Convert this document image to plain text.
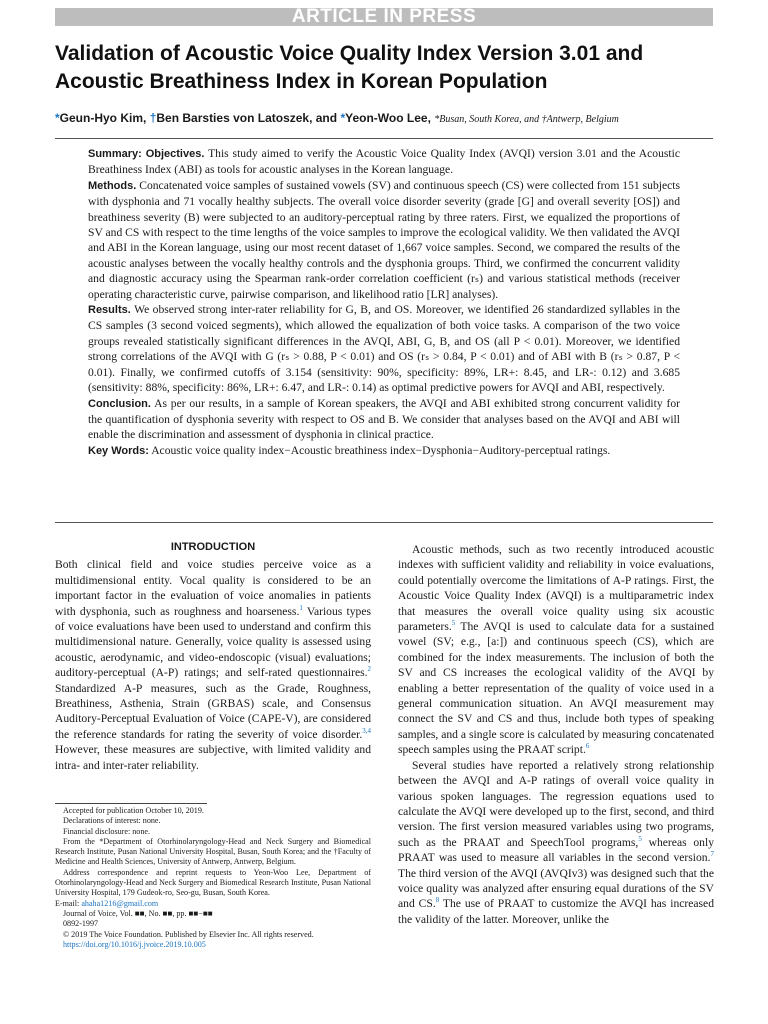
ARTICLE IN PRESS
Validation of Acoustic Voice Quality Index Version 3.01 and Acoustic Breathiness Index in Korean Population
*Geun-Hyo Kim, †Ben Barsties von Latoszek, and *Yeon-Woo Lee, *Busan, South Korea, and †Antwerp, Belgium

Summary: Objectives. This study aimed to verify the Acoustic Voice Quality Index (AVQI) version 3.01 and the Acoustic Breathiness Index (ABI) as tools for acoustic analyses in the Korean language.

Methods. Concatenated voice samples of sustained vowels (SV) and continuous speech (CS) were collected from 151 subjects with dysphonia and 71 vocally healthy subjects. The overall voice disorder severity (grade [G] and overall severity [OS]) and breathiness severity (B) were subjected to an auditory-perceptual rating by three raters. First, we equalized the proportions of SV and CS with respect to the time lengths of the voice samples to improve the ecological validity. We then validated the AVQI and ABI in the Korean language, using our most recent dataset of 1,667 voice samples. Second, we compared the results of the acoustic analyses between the vocally healthy controls and the dysphonia groups. Third, we confirmed the concurrent validity and diagnostic accuracy using the Spearman rank-order correlation coefficient (rₛ) and various statistical methods (receiver operating characteristic curve, pairwise comparison, and likelihood ratio [LR] analyses).

Results. We observed strong inter-rater reliability for G, B, and OS. Moreover, we identified 26 standardized syllables in the CS samples (3 second voiced segments), which allowed the equalization of both voice tasks. A comparison of the two voice groups revealed statistically significant differences in the AVQI, ABI, G, B, and OS (all P < 0.01). Moreover, we identified strong correlations of the AVQI with G (rₛ > 0.88, P < 0.01) and OS (rₛ > 0.84, P < 0.01) and of ABI with B (rₛ > 0.87, P < 0.01). Finally, we confirmed cutoffs of 3.154 (sensitivity: 90%, specificity: 89%, LR+: 8.45, and LR-: 0.12) and 3.685 (sensitivity: 88%, specificity: 86%, LR+: 6.47, and LR-: 0.14) as optimal predictive powers for AVQI and ABI, respectively.

Conclusion. As per our results, in a sample of Korean speakers, the AVQI and ABI exhibited strong concurrent validity for the quantification of dysphonia severity with respect to OS and B. We consider that analyses based on the AVQI and ABI will enable the discrimination and assessment of dysphonia in clinical practice.

Key Words: Acoustic voice quality index−Acoustic breathiness index−Dysphonia−Auditory-perceptual ratings.

INTRODUCTION

Both clinical field and voice studies perceive voice as a multidimensional entity. Vocal quality is considered to be an important factor in the evaluation of voice anomalies in patients with dysphonia, such as roughness and hoarseness.$^1$ Various types of voice evaluations have been used to understand and confirm this multidimensional nature. Generally, voice quality is assessed using acoustic, aerodynamic, and video-endoscopic (visual) evaluations; auditory-perceptual (A-P) ratings; and self-rated questionnaires.$^2$ Standardized A-P measures, such as the Grade, Roughness, Breathiness, Asthenia, Strain (GRBAS) scale, and Consensus Auditory-Perceptual Evaluation of Voice (CAPE-V), are considered the reference standards for rating the severity of voice disorder.$^{3,4}$ However, these measures are subjective, with limited validity and intra- and inter-rater reliability.

Acoustic methods, such as two recently introduced acoustic indexes with sufficient validity and reliability in voice evaluations, could potentially overcome the limitations of A-P ratings. First, the Acoustic Voice Quality Index (AVQI) is a multiparametric index that measures the overall voice quality using six acoustic parameters.$^5$ The AVQI is used to calculate data for a sustained vowel (SV; e.g., [a:]) and continuous speech (CS), which are combined for the index measurements. The inclusion of both the SV and CS increases the ecological validity of the AVQI by enabling a better representation of the quality of voice used in a general communication situation. An AVQI measurement may connect the SV and CS and thus, include both types of speaking samples, and a single score is calculated by measuring concatenated speech samples using the PRAAT script.$^6$

Several studies have reported a relatively strong relationship between the AVQI and A-P ratings of overall voice quality in various spoken languages. The regression equations used to calculate the AVQI were developed up to the first, second, and third version. The first version measured variables using two programs, such as the PRAAT and SpeechTool programs,$^5$ whereas only PRAAT was used to measure all variables in the second version.$^7$ The third version of the AVQI (AVQIv3) was designed such that the voice quality was analyzed after ensuring equal durations of the SV and CS.$^8$ The use of PRAAT to customize the AVQI has increased the validity of the latter. Moreover, unlike the

Accepted for publication October 10, 2019.

Declarations of interest: none.

Financial disclosure: none.

From the *Department of Otorhinolaryngology-Head and Neck Surgery and Biomedical Research Institute, Pusan National University Hospital, Busan, South Korea; and the †Faculty of Medicine and Health Sciences, University of Antwerp, Antwerp, Belgium.

Address correspondence and reprint requests to Yeon-Woo Lee, Department of Otorhinolaryngology-Head and Neck Surgery and Biomedical Research Institute, Pusan National University Hospital, 179 Gudeok-ro, Seo-gu, Busan, South Korea.
E-mail: ahaha1216@gmail.com

Journal of Voice, Vol. ■■, No. ■■, pp. ■■−■■

0892-1997

© 2019 The Voice Foundation. Published by Elsevier Inc. All rights reserved.

https://doi.org/10.1016/j.jvoice.2019.10.005
